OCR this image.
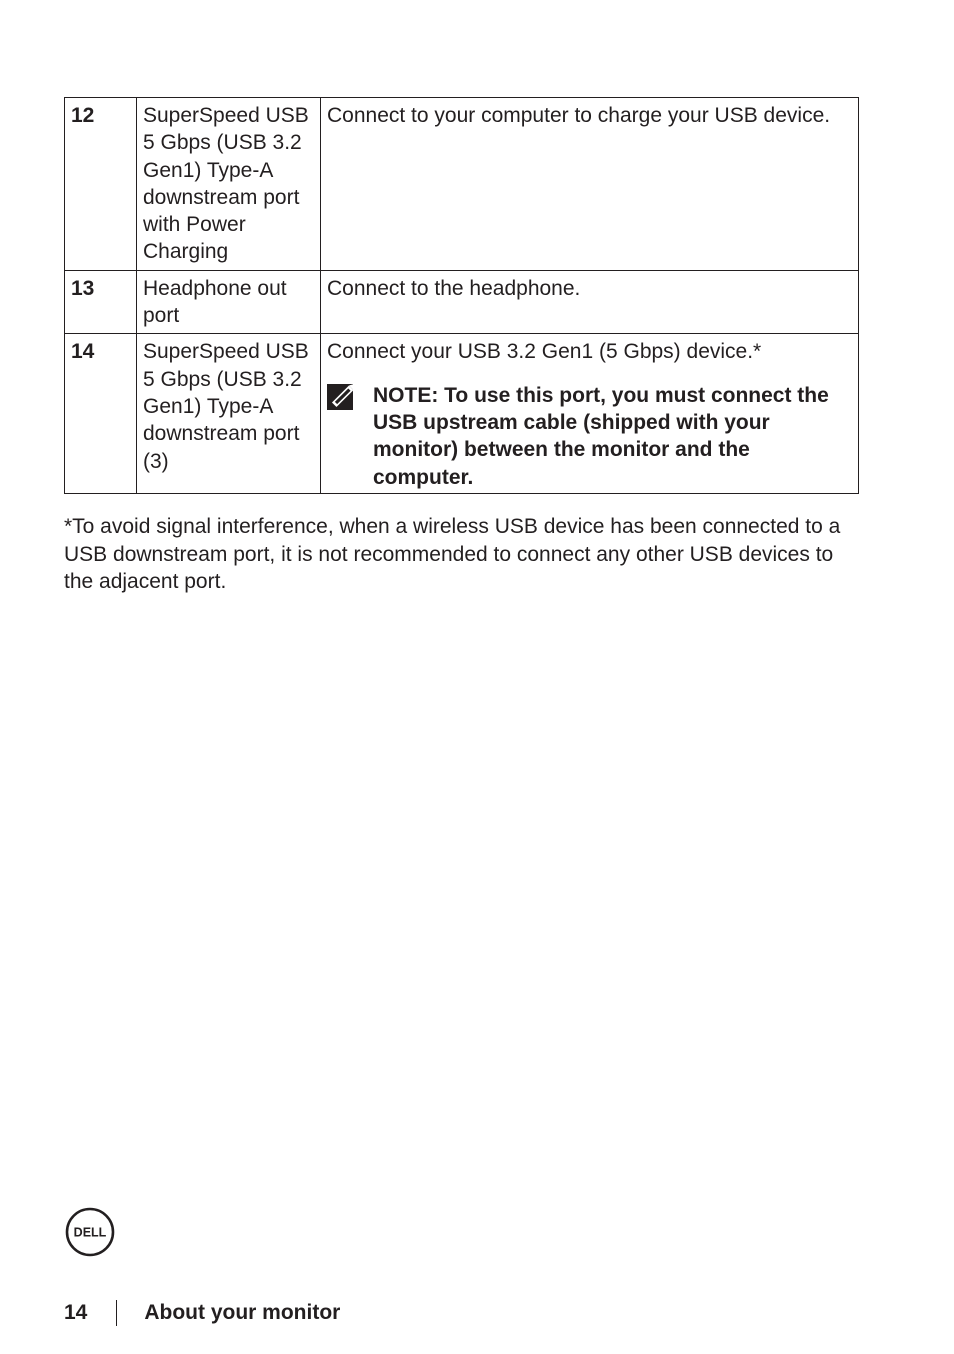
12	SuperSpeed USB 5 Gbps (USB 3.2 Gen1) Type-A downstream port with Power Charging	Connect to your computer to charge your USB device.
13	Headphone out port	Connect to the headphone.
14	SuperSpeed USB 5 Gbps (USB 3.2 Gen1) Type-A downstream port (3)	Connect your USB 3.2 Gen1 (5 Gbps) device.*
NOTE: To use this port, you must connect the USB upstream cable (shipped with your monitor) between the monitor and the computer.

*To avoid signal interference, when a wireless USB device has been connected to a USB downstream port, it is not recommended to connect any other USB devices to the adjacent port.

DELL
14	About your monitor
